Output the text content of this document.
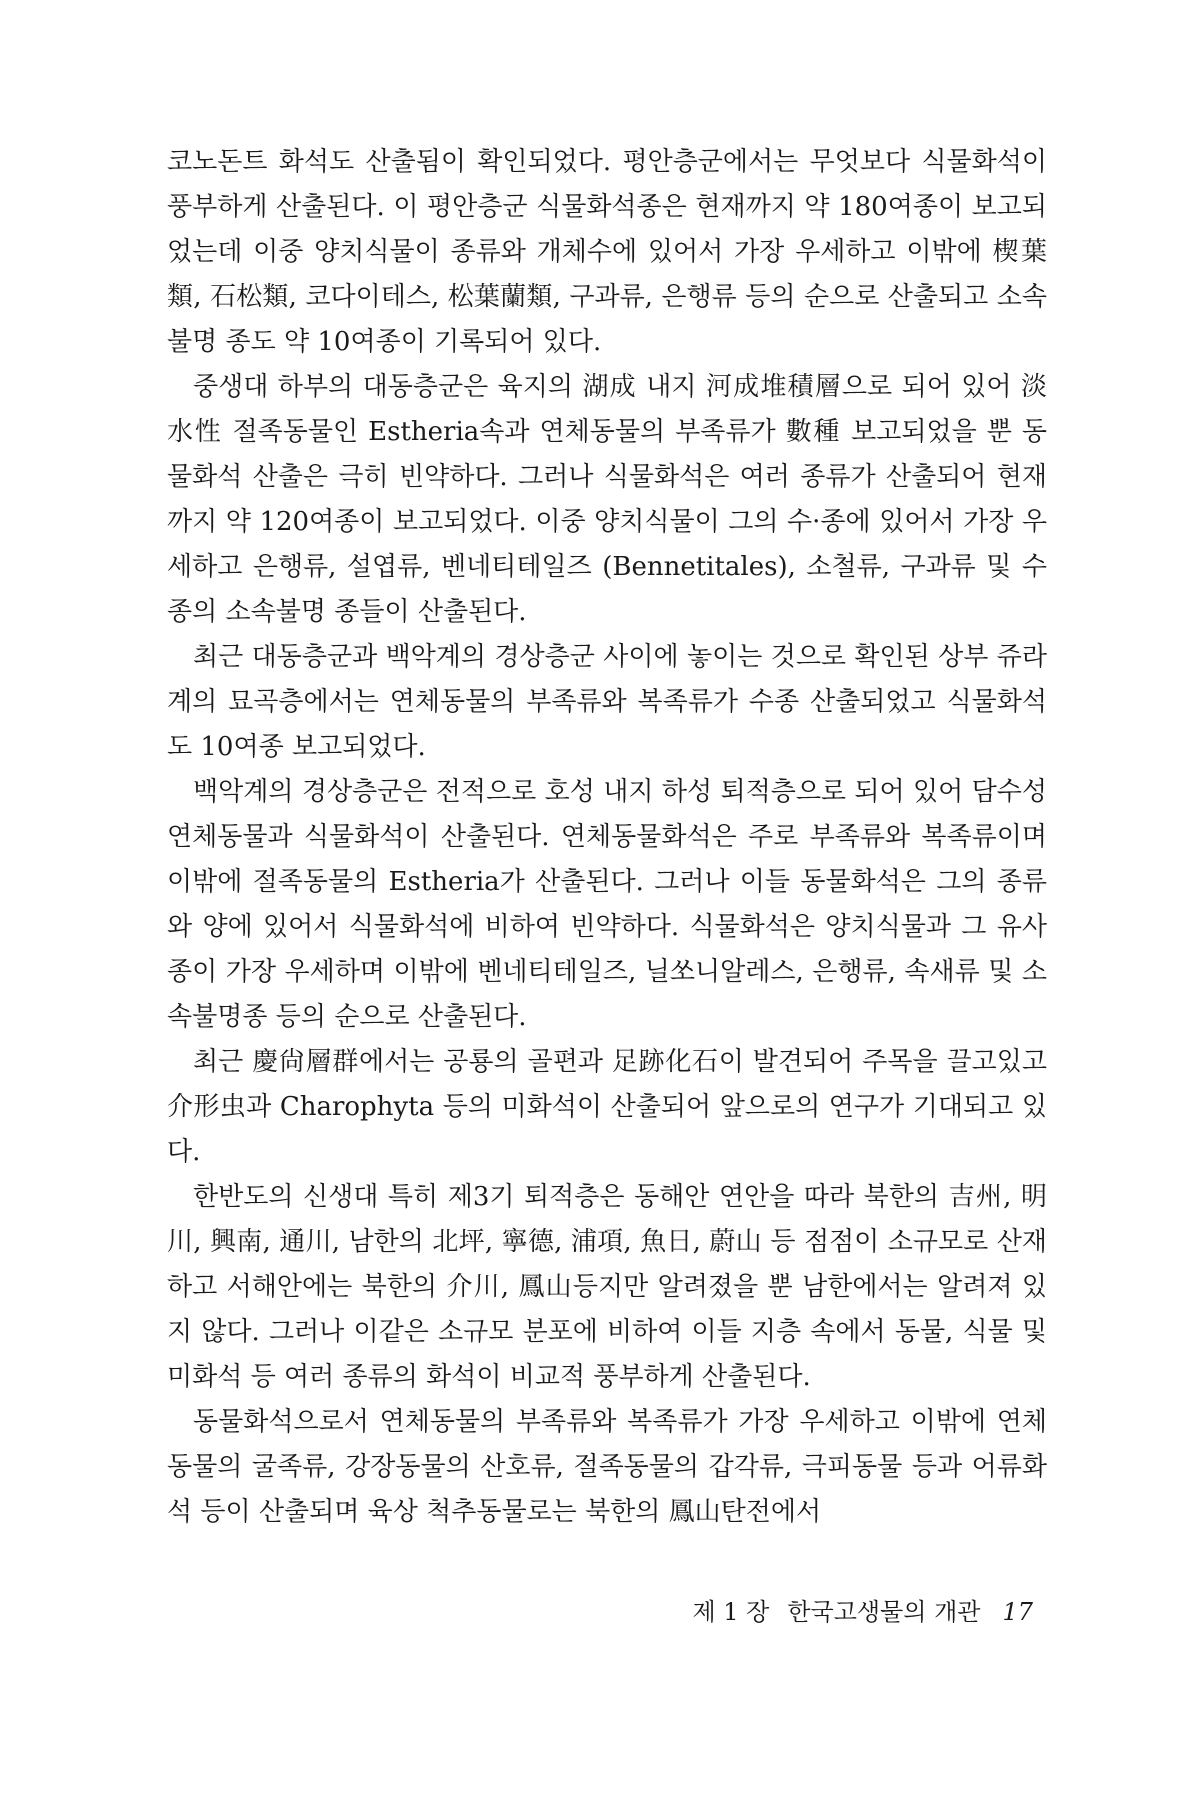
코노돈트 화석도 산출됨이 확인되었다. 평안층군에서는 무엇보다 식물화석이 풍부하게 산출된다. 이 평안층군 식물화석종은 현재까지 약 180여종이 보고되었는데 이중 양치식물이 종류와 개체수에 있어서 가장 우세하고 이밖에 楔葉類, 石松類, 코다이테스, 松葉蘭類, 구과류, 은행류 등의 순으로 산출되고 소속불명 종도 약 10여종이 기록되어 있다.

중생대 하부의 대동층군은 육지의 湖成 내지 河成堆積層으로 되어 있어 淡水性 절족동물인 Estheria속과 연체동물의 부족류가 數種 보고되었을 뿐 동물화석 산출은 극히 빈약하다. 그러나 식물화석은 여러 종류가 산출되어 현재까지 약 120여종이 보고되었다. 이중 양치식물이 그의 수·종에 있어서 가장 우세하고 은행류, 설엽류, 벤네티테일즈 (Bennetitales), 소철류, 구과류 및 수종의 소속불명 종들이 산출된다.

최근 대동층군과 백악계의 경상층군 사이에 놓이는 것으로 확인된 상부 쥬라계의 묘곡층에서는 연체동물의 부족류와 복족류가 수종 산출되었고 식물화석도 10여종 보고되었다.

백악계의 경상층군은 전적으로 호성 내지 하성 퇴적층으로 되어 있어 담수성 연체동물과 식물화석이 산출된다. 연체동물화석은 주로 부족류와 복족류이며 이밖에 절족동물의 Estheria가 산출된다. 그러나 이들 동물화석은 그의 종류와 양에 있어서 식물화석에 비하여 빈약하다. 식물화석은 양치식물과 그 유사종이 가장 우세하며 이밖에 벤네티테일즈, 닐쏘니알레스, 은행류, 속새류 및 소속불명종 등의 순으로 산출된다.

최근 慶尙層群에서는 공룡의 골편과 足跡化石이 발견되어 주목을 끌고있고 介形虫과 Charophyta 등의 미화석이 산출되어 앞으로의 연구가 기대되고 있다.

한반도의 신생대 특히 제3기 퇴적층은 동해안 연안을 따라 북한의 吉州, 明川, 興南, 通川, 남한의 北坪, 寧德, 浦項, 魚日, 蔚山 등 점점이 소규모로 산재하고 서해안에는 북한의 介川, 鳳山등지만 알려졌을 뿐 남한에서는 알려져 있지 않다. 그러나 이같은 소규모 분포에 비하여 이들 지층 속에서 동물, 식물 및 미화석 등 여러 종류의 화석이 비교적 풍부하게 산출된다.

동물화석으로서 연체동물의 부족류와 복족류가 가장 우세하고 이밖에 연체동물의 굴족류, 강장동물의 산호류, 절족동물의 갑각류, 극피동물 등과 어류화석 등이 산출되며 육상 척추동물로는 북한의 鳳山탄전에서

제 1 장 한국고생물의 개관 17
